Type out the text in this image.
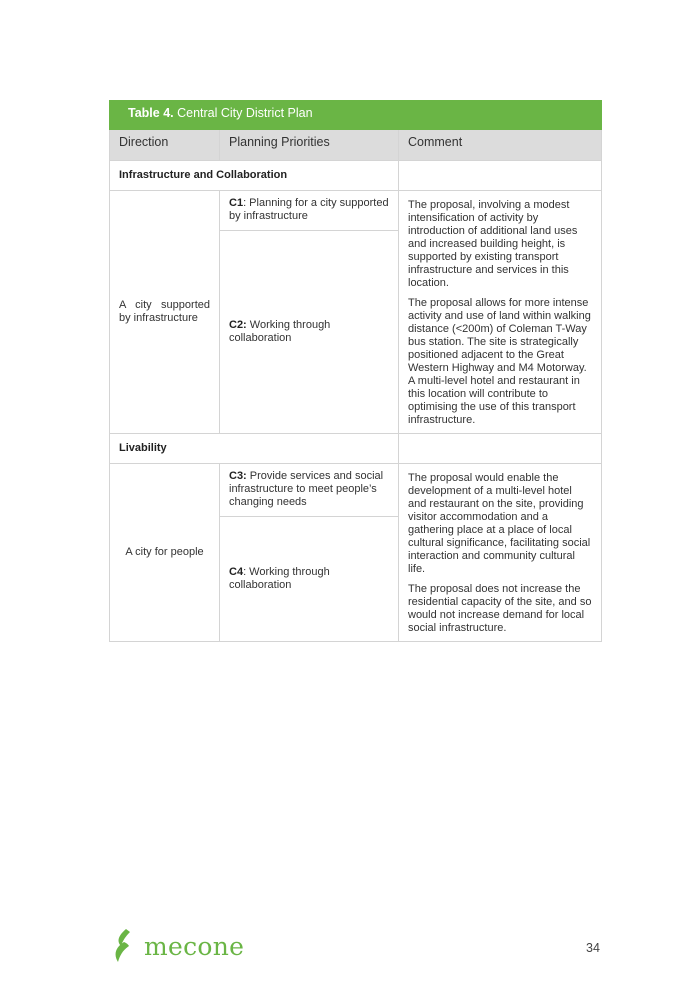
Table 4. Central City District Plan		
Direction	Planning Priorities	Comment
Infrastructure and Collaboration		
A city supported by infrastructure	C1: Planning for a city supported by infrastructure	The proposal, involving a modest intensification of activity by introduction of additional land uses and increased building height, is supported by existing transport infrastructure and services in this location.

The proposal allows for more intense activity and use of land within walking distance (<200m) of Coleman T-Way bus station. The site is strategically positioned adjacent to the Great Western Highway and M4 Motorway. A multi-level hotel and restaurant in this location will contribute to optimising the use of this transport infrastructure.

	C2: Working through collaboration	
Livability		
A city for people	C3: Provide services and social infrastructure to meet people’s changing needs	The proposal would enable the development of a multi-level hotel and restaurant on the site, providing visitor accommodation and a gathering place at a place of local cultural significance, facilitating social interaction and community cultural life.

The proposal does not increase the residential capacity of the site, and so would not increase demand for local social infrastructure.

	C4: Working through collaboration	
mecone	34
